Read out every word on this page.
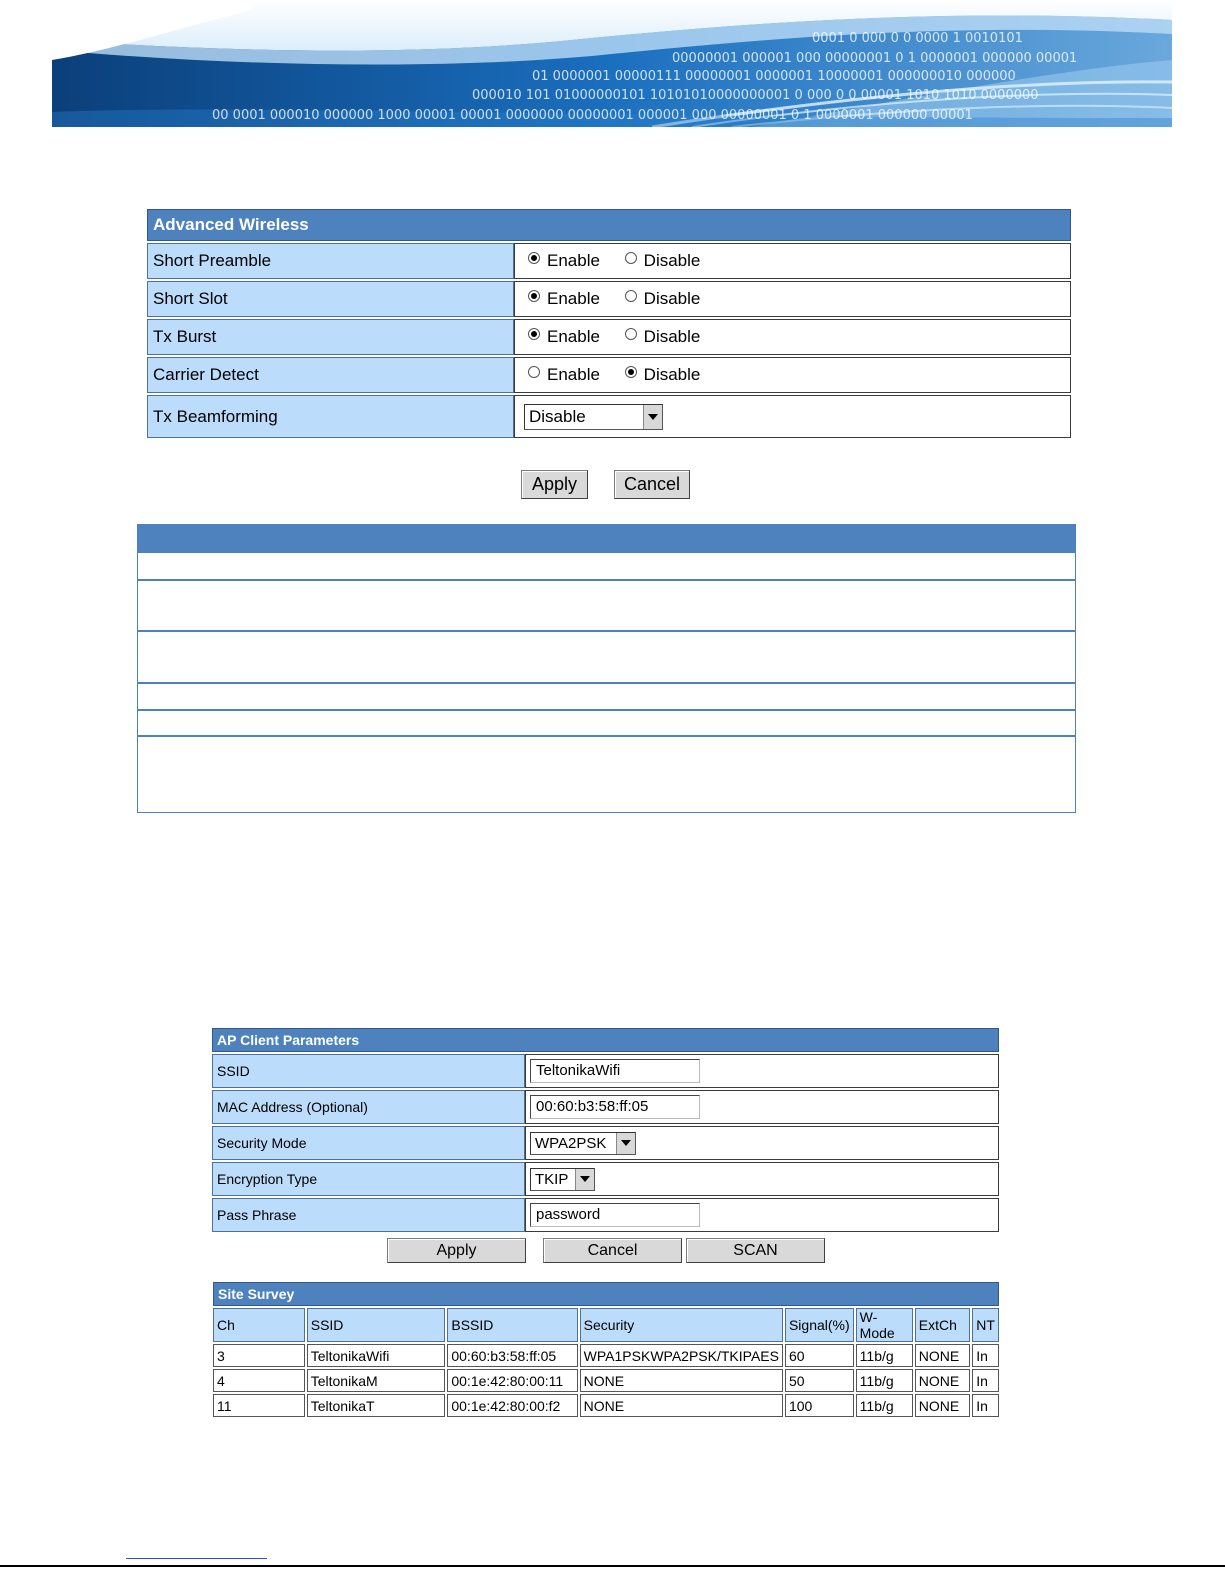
0001 0 000 0 0 0000 1 0010101
00000001 000001 000 00000001 0 1 0000001 000000 00001
01 0000001 00000111 00000001 0000001 10000001 000000010 000000
000010 101 01000000101 10101010000000001 0 000 0 0 00001 1010 1010 0000000
00 0001 000010 000000 1000 00001 00001 0000000 00000001 000001 000 00000001 0 1 0000001 000000 00001
Advanced Wireless	
Short Preamble	Enable
Disable

Short Slot	Enable
Disable

Tx Burst	Enable
Disable

Carrier Detect	Enable
Disable

Tx Beamforming	Disable
Apply	Cancel
AP Client Parameters	
SSID	TeltonikaWifi
MAC Address (Optional)	00:60:b3:58:ff:05
Security Mode	WPA2PSK

Encryption Type	TKIP

Pass Phrase	password
Apply	Cancel	SCAN
Site Survey
Ch	SSID	BSSID	Security	Signal(%)	W-Mode	ExtCh	NT
3	TeltonikaWifi	00:60:b3:58:ff:05	WPA1PSKWPA2PSK/TKIPAES	60	11b/g	NONE	In
4	TeltonikaM	00:1e:42:80:00:11	NONE	50	11b/g	NONE	In
11	TeltonikaT	00:1e:42:80:00:f2	NONE	100	11b/g	NONE	In
